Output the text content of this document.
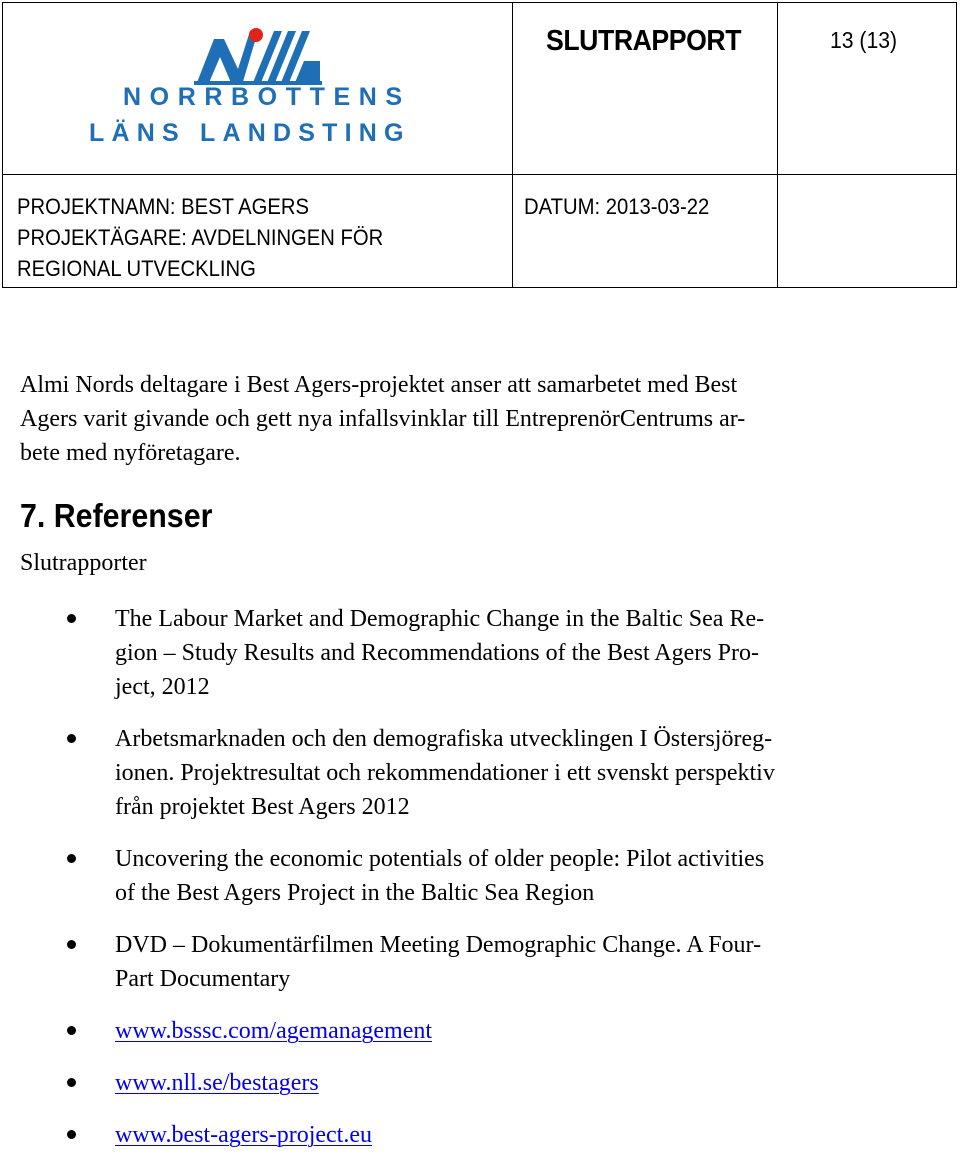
NORRBOTTENS
LÄNS LANDSTING	SLUTRAPPORT	13 (13)

PROJEKTNAMN: BEST AGERS
PROJEKTÄGARE: AVDELNINGEN FÖR
REGIONAL UTVECKLING
DATUM: 2013-03-22

Almi Nords deltagare i Best Agers-projektet anser att samarbetet med Best
Agers varit givande och gett nya infallsvinklar till EntreprenörCentrums ar-
bete med nyföretagare.

7. Referenser

Slutrapporter

The Labour Market and Demographic Change in the Baltic Sea Re-
gion – Study Results and Recommendations of the Best Agers Pro-
ject, 2012
Arbetsmarknaden och den demografiska utvecklingen I Östersjöreg-
ionen. Projektresultat och rekommendationer i ett svenskt perspektiv
från projektet Best Agers 2012
Uncovering the economic potentials of older people: Pilot activities
of the Best Agers Project in the Baltic Sea Region
DVD – Dokumentärfilmen Meeting Demographic Change. A Four-
Part Documentary
www.bsssc.com/agemanagement
www.nll.se/bestagers
www.best-agers-project.eu
